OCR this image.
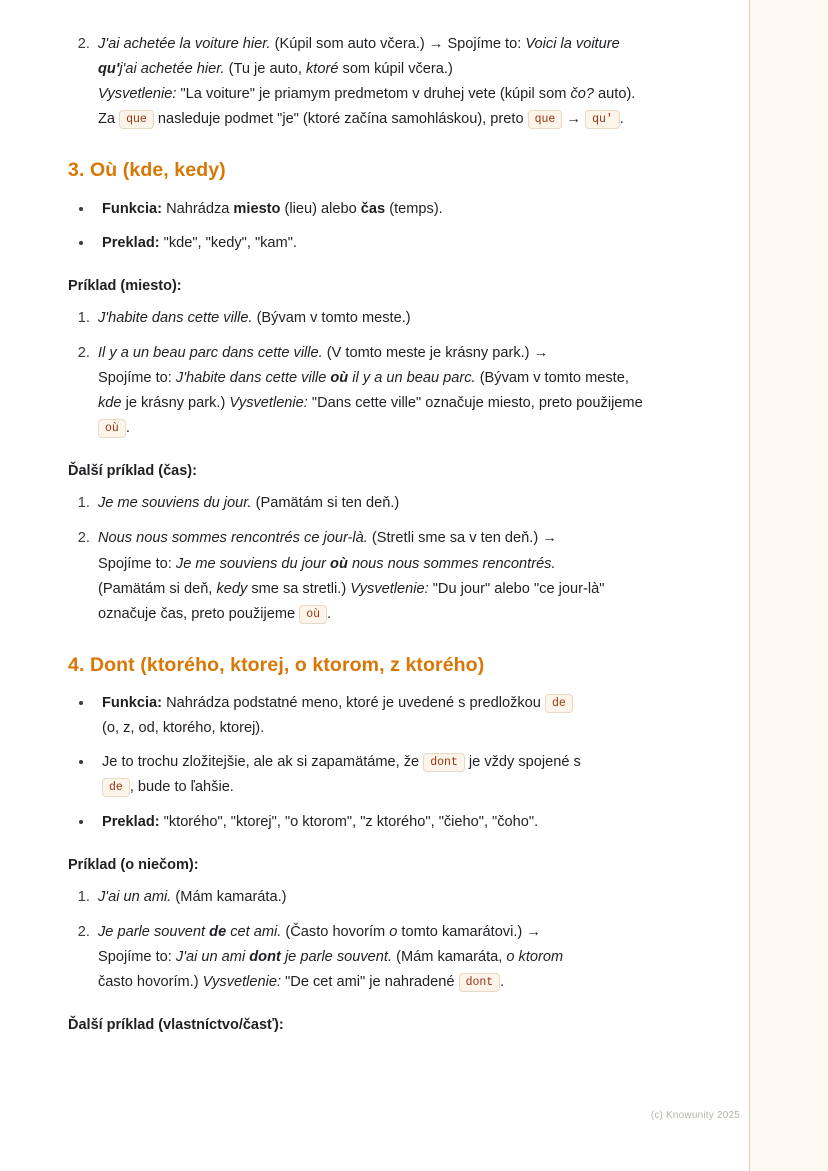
2. J'ai achetée la voiture hier. (Kúpil som auto včera.) → Spojíme to: Voici la voiture qu'j'ai achetée hier. (Tu je auto, ktoré som kúpil včera.)
Vysvetlenie: "La voiture" je priamym predmetom v druhej vete (kúpil som čo? auto). Za que nasleduje podmet "je" (ktoré začína samohláskou), preto que → qu' .
3. Où (kde, kedy)
• Funkcia: Nahrádza miesto (lieu) alebo čas (temps).
• Preklad: "kde", "kedy", "kam".
Príklad (miesto):
1. J'habite dans cette ville. (Bývam v tomto meste.)
2. Il y a un beau parc dans cette ville. (V tomto meste je krásny park.) →
Spojíme to: J'habite dans cette ville où il y a un beau parc. (Bývam v tomto meste, kde je krásny park.) Vysvetlenie: "Dans cette ville" označuje miesto, preto použijeme où .
Ďalší príklad (čas):
1. Je me souviens du jour. (Pamätám si ten deň.)
2. Nous nous sommes rencontrés ce jour-là. (Stretli sme sa v ten deň.) →
Spojíme to: Je me souviens du jour où nous nous sommes rencontrés.
(Pamätám si deň, kedy sme sa stretli.) Vysvetlenie: "Du jour" alebo "ce jour-là" označuje čas, preto použijeme où .
4. Dont (ktorého, ktorej, o ktorom, z ktorého)
• Funkcia: Nahrádza podstatné meno, ktoré je uvedené s predložkou de
(o, z, od, ktorého, ktorej).
• Je to trochu zložitejšie, ale ak si zapamätáme, že dont je vždy spojené s
de , bude to ľahšie.
• Preklad: "ktorého", "ktorej", "o ktorom", "z ktorého", "čieho", "čoho".
Príklad (o niečom):
1. J'ai un ami. (Mám kamaráta.)
2. Je parle souvent de cet ami. (Často hovorím o tomto kamarátovi.) →
Spojíme to: J'ai un ami dont je parle souvent. (Mám kamaráta, o ktorom
často hovorím.) Vysvetlenie: "De cet ami" je nahradené dont .
Ďalší príklad (vlastníctvo/časť):
(c) Knowunity 2025
